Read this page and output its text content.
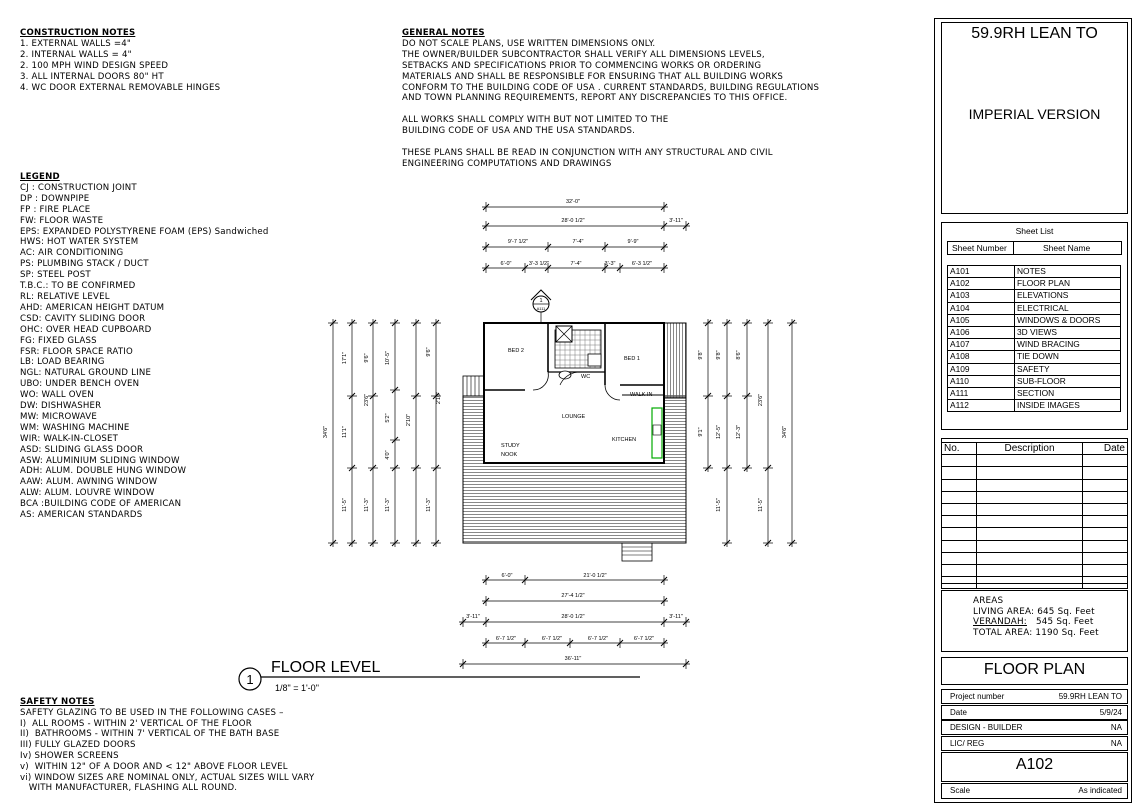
CONSTRUCTION NOTES
1. EXTERNAL WALLS =4"
2. INTERNAL WALLS = 4"
2. 100 MPH WIND DESIGN SPEED
3. ALL INTERNAL DOORS 80" HT
4. WC DOOR EXTERNAL REMOVABLE HINGES
GENERAL NOTES
DO NOT SCALE PLANS, USE WRITTEN DIMENSIONS ONLY.
THE OWNER/BUILDER SUBCONTRACTOR SHALL VERIFY ALL DIMENSIONS LEVELS,
SETBACKS AND SPECIFICATIONS PRIOR TO COMMENCING WORKS OR ORDERING
MATERIALS AND SHALL BE RESPONSIBLE FOR ENSURING THAT ALL BUILDING WORKS
CONFORM TO THE BUILDING CODE OF USA . CURRENT STANDARDS, BUILDING REGULATIONS
AND TOWN PLANNING REQUIREMENTS, REPORT ANY DISCREPANCIES TO THIS OFFICE.

ALL WORKS SHALL COMPLY WITH BUT NOT LIMITED TO THE
BUILDING CODE OF USA AND THE USA STANDARDS.

THESE PLANS SHALL BE READ IN CONJUNCTION WITH ANY STRUCTURAL AND CIVIL
ENGINEERING COMPUTATIONS AND DRAWINGS
LEGEND
CJ : CONSTRUCTION JOINT
DP : DOWNPIPE
FP : FIRE PLACE
FW: FLOOR WASTE
EPS: EXPANDED POLYSTYRENE FOAM (EPS) Sandwiched
HWS: HOT WATER SYSTEM
AC: AIR CONDITIONING
PS: PLUMBING STACK / DUCT
SP: STEEL POST
T.B.C.: TO BE CONFIRMED
RL: RELATIVE LEVEL
AHD: AMERICAN HEIGHT DATUM
CSD: CAVITY SLIDING DOOR
OHC: OVER HEAD CUPBOARD
FG: FIXED GLASS
FSR: FLOOR SPACE RATIO
LB: LOAD BEARING
NGL: NATURAL GROUND LINE
UBO: UNDER BENCH OVEN
WO: WALL OVEN
DW: DISHWASHER
MW: MICROWAVE
WM: WASHING MACHINE
WIR: WALK-IN-CLOSET
ASD: SLIDING GLASS DOOR
ASW: ALUMINIUM SLIDING WINDOW
ADH: ALUM. DOUBLE HUNG WINDOW
AAW: ALUM. AWNING WINDOW
ALW: ALUM. LOUVRE WINDOW
BCA :BUILDING CODE OF AMERICAN
AS: AMERICAN STANDARDS
SAFETY NOTES
SAFETY GLAZING TO BE USED IN THE FOLLOWING CASES –
I)  ALL ROOMS - WITHIN 2' VERTICAL OF THE FLOOR
II)  BATHROOMS - WITHIN 7' VERTICAL OF THE BATH BASE
III) FULLY GLAZED DOORS
Iv) SHOWER SCREENS
v)  WITHIN 12" OF A DOOR AND < 12" ABOVE FLOOR LEVEL
vi) WINDOW SIZES ARE NOMINAL ONLY, ACTUAL SIZES WILL VARY
WITH MANUFACTURER, FLASHING ALL ROUND.
1
FLOOR LEVEL
1/8" = 1'-0"
BED 2
BED 1
LOUNGE
STUDY
NOOK
KITCHEN
WC
WALK IN
1
A111
32'-0"
28'-0 1/2"	3'-11"
9'-7 1/2"	7'-4"	9'-9"
6'-0"	3'-3 1/2"	7'-4"	3'-3"	6'-3 1/2"
6'-0"	21'-0 1/2"
27'-4 1/2"
3'-11"	28'-0 1/2"	3'-11"
6'-7 1/2"	6'-7 1/2"	6'-7 1/2"	6'-7 1/2"
36'-11"
34'6"
17'1"
11'1"
11'-5"
9'6"
23'6"
11'-3"
10'-5"
5'2"
4'0"
11'-3"
2'10"
9'6"
11'-3"
2'10"
9'8"
9'1"
9'8"
12'-5"
11'-5"
8'6"
12'-3"
23'6"
11'-5"
34'6"
59.9RH LEAN TO
IMPERIAL VERSION
Sheet List
Sheet Number	Sheet Name
A101	NOTES
A102	FLOOR PLAN
A103	ELEVATIONS
A104	ELECTRICAL
A105	WINDOWS & DOORS
A106	3D VIEWS
A107	WIND BRACING
A108	TIE DOWN
A109	SAFETY
A110	SUB-FLOOR
A111	SECTION
A112	INSIDE IMAGES
No.	Description	Date

AREAS
LIVING AREA: 645 Sq. Feet
VERANDAH: 545 Sq. Feet
TOTAL AREA: 1190 Sq. Feet
FLOOR PLAN
Project number	59.9RH LEAN TO
Date	5/9/24
DESIGN - BUILDER	NA
LIC/ REG	NA
A102
Scale	As indicated
